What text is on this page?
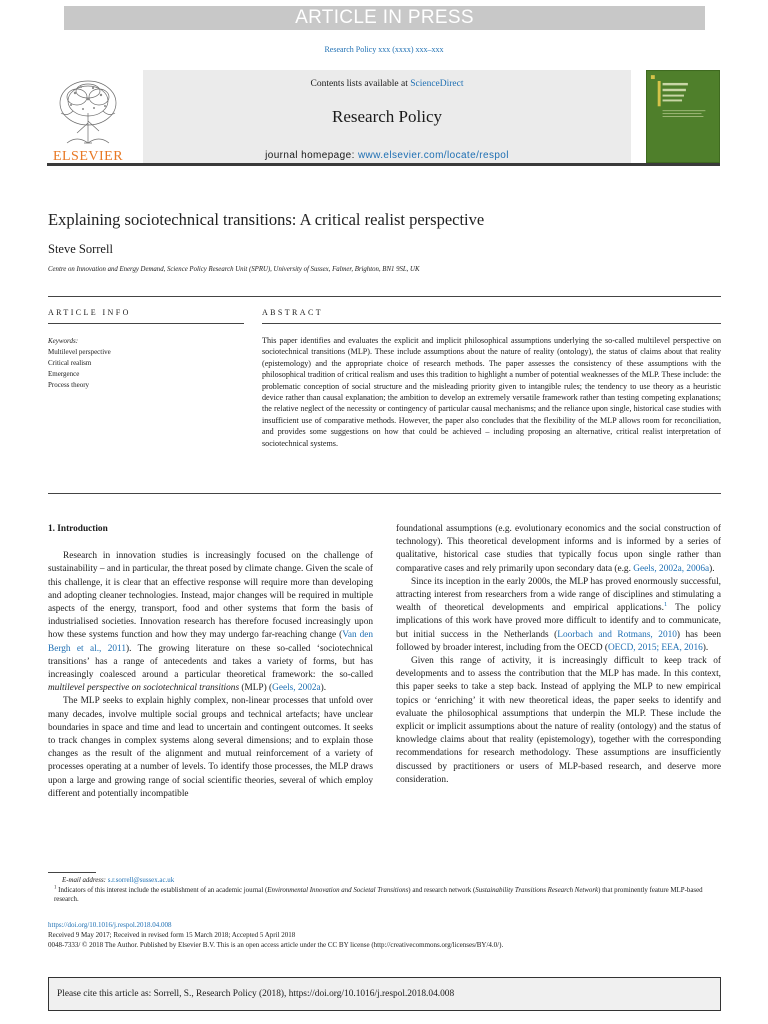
ARTICLE IN PRESS
Research Policy xxx (xxxx) xxx–xxx
ELSEVIER
Contents lists available at ScienceDirect
Research Policy
journal homepage: www.elsevier.com/locate/respol
Explaining sociotechnical transitions: A critical realist perspective
Steve Sorrell
Centre on Innovation and Energy Demand, Science Policy Research Unit (SPRU), University of Sussex, Falmer, Brighton, BN1 9SL, UK
ARTICLE INFO	ABSTRACT
Keywords:
Multilevel perspective
Critical realism
Emergence
Process theory
This paper identifies and evaluates the explicit and implicit philosophical assumptions underlying the so-called multilevel perspective on sociotechnical transitions (MLP). These include assumptions about the nature of reality (ontology), the status of claims about that reality (epistemology) and the appropriate choice of research methods. The paper assesses the consistency of these assumptions with the philosophical tradition of critical realism and uses this tradition to highlight a number of potential weaknesses of the MLP. These include: the problematic conception of social structure and the misleading priority given to intangible rules; the tendency to use theory as a heuristic device rather than causal explanation; the ambition to develop an extremely versatile framework rather than testing competing explanations; the relative neglect of the necessity or contingency of particular causal mechanisms; and the reliance upon single, historical case studies with insufficient use of comparative methods. However, the paper also concludes that the flexibility of the MLP allows room for reconciliation, and provides some suggestions on how that could be achieved – including proposing an alternative, critical realist interpretation of sociotechnical systems.
1. Introduction

Research in innovation studies is increasingly focused on the challenge of sustainability – and in particular, the threat posed by climate change. Given the scale of this challenge, it is clear that an effective response will require more than developing and adopting cleaner technologies. Instead, major changes will be required in multiple aspects of the energy, transport, food and other systems that form the basis of industrialised societies. Innovation research has therefore focused increasingly upon how these systems function and how they may undergo far-reaching change (Van den Bergh et al., 2011). The growing literature on these so-called ‘sociotechnical transitions’ has a range of antecedents and takes a variety of forms, but has increasingly coalesced around a particular theoretical framework: the so-called multilevel perspective on sociotechnical transitions (MLP) (Geels, 2002a).

The MLP seeks to explain highly complex, non-linear processes that unfold over many decades, involve multiple social groups and technical artefacts; have unclear boundaries in space and time and lead to uncertain and contingent outcomes. It seeks to track changes in complex systems along several dimensions; and to explain those changes as the result of the alignment and mutual reinforcement of a variety of processes operating at a number of levels. To identify those processes, the MLP draws upon a large and growing range of social scientific theories, several of which employ different and potentially incompatible

foundational assumptions (e.g. evolutionary economics and the social construction of technology). This theoretical development informs and is informed by a series of qualitative, historical case studies that typically focus upon single rather than comparative cases and rely primarily upon secondary data (e.g. Geels, 2002a, 2006a).

Since its inception in the early 2000s, the MLP has proved enormously successful, attracting interest from researchers from a wide range of disciplines and stimulating a wealth of theoretical developments and empirical applications.$^1$ The policy implications of this work have proved more difficult to identify and to communicate, but initial success in the Netherlands (Loorbach and Rotmans, 2010) has been followed by broader interest, including from the OECD (OECD, 2015; EEA, 2016).

Given this range of activity, it is increasingly difficult to keep track of developments and to assess the contribution that the MLP has made. In this context, this paper seeks to take a step back. Instead of applying the MLP to new empirical topics or ‘enriching’ it with new theoretical ideas, the paper seeks to identify and evaluate the philosophical assumptions that underpin the MLP. These include the explicit or implicit assumptions about the nature of reality (ontology) and the status of knowledge claims about that reality (epistemology), together with the corresponding recommendations for research methodology. These assumptions are insufficiently discussed by practitioners or users of MLP-based research, and deserve more consideration.

E-mail address: s.r.sorrell@sussex.ac.uk
$^1$ Indicators of this interest include the establishment of an academic journal (Environmental Innovation and Societal Transitions) and research network (Sustainability Transitions Research Network) that prominently feature MLP-based research.
https://doi.org/10.1016/j.respol.2018.04.008
Received 9 May 2017; Received in revised form 15 March 2018; Accepted 5 April 2018
0048-7333/ © 2018 The Author. Published by Elsevier B.V. This is an open access article under the CC BY license (http://creativecommons.org/licenses/BY/4.0/).
Please cite this article as: Sorrell, S., Research Policy (2018), https://doi.org/10.1016/j.respol.2018.04.008
